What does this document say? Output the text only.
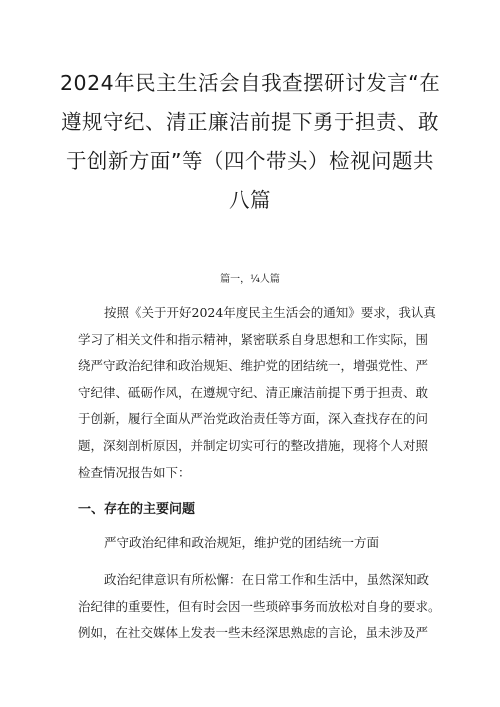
2024年民主生活会自我查摆研讨发言“在
遵规守纪、清正廉洁前提下勇于担责、敢
于创新方面”等（四个带头）检视问题共
八篇
篇一，¼人篇

按照《关于开好2024年度民主生活会的通知》要求，我认真
学习了相关文件和指示精神，紧密联系自身思想和工作实际，围
绕严守政治纪律和政治规矩、维护党的团结统一，增强党性、严
守纪律、砥砺作风，在遵规守纪、清正廉洁前提下勇于担责、敢
于创新，履行全面从严治党政治责任等方面，深入查找存在的问
题，深刻剖析原因，并制定切实可行的整改措施，现将个人对照
检查情况报告如下：

一、存在的主要问题
严守政治纪律和政治规矩，维护党的团结统一方面

政治纪律意识有所松懈：在日常工作和生活中，虽然深知政
治纪律的重要性，但有时会因一些琐碎事务而放松对自身的要求。
例如，在社交媒体上发表一些未经深思熟虑的言论，虽未涉及严
